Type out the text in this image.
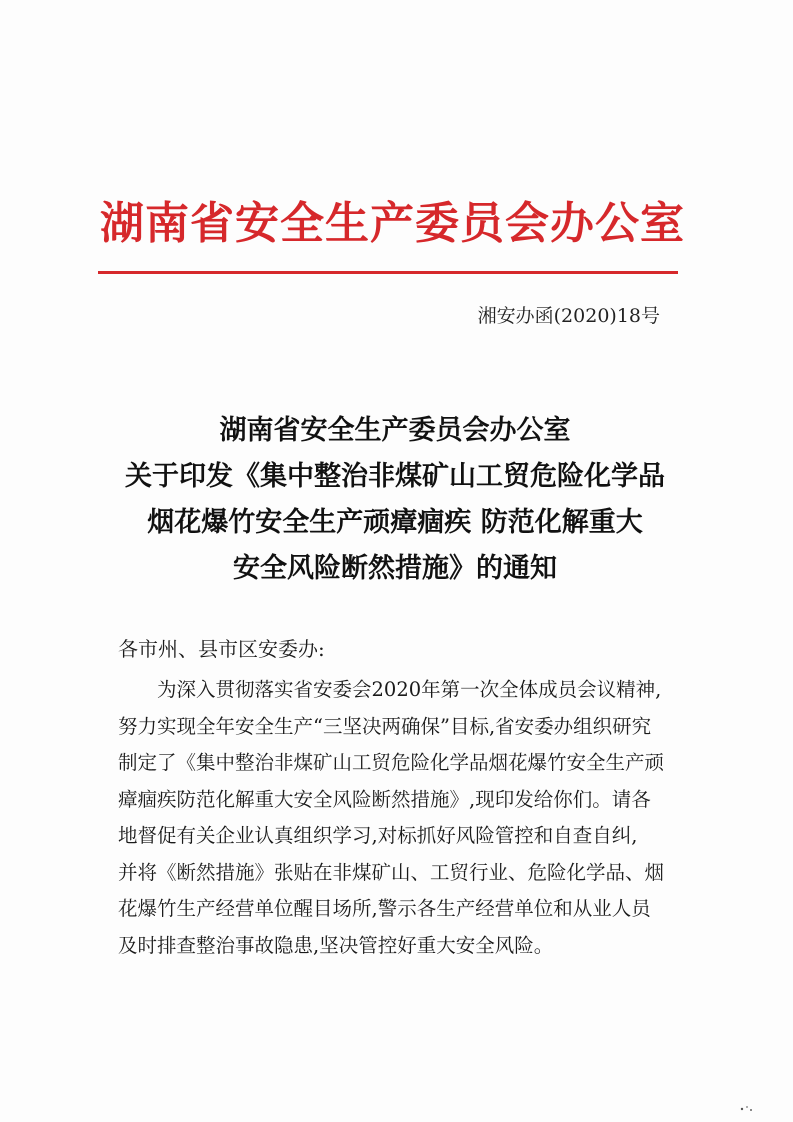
湖南省安全生产委员会办公室
湘安办函(2020)18号
湖南省安全生产委员会办公室
关于印发《集中整治非煤矿山工贸危险化学品
烟花爆竹安全生产顽瘴痼疾 防范化解重大
安全风险断然措施》的通知
各市州、县市区安委办:
为深入贯彻落实省安委会2020年第一次全体成员会议精神,
努力实现全年安全生产“三坚决两确保”目标,省安委办组织研究
制定了《集中整治非煤矿山工贸危险化学品烟花爆竹安全生产顽
瘴痼疾防范化解重大安全风险断然措施》,现印发给你们。请各
地督促有关企业认真组织学习,对标抓好风险管控和自查自纠,
并将《断然措施》张贴在非煤矿山、工贸行业、危险化学品、烟
花爆竹生产经营单位醒目场所,警示各生产经营单位和从业人员
及时排查整治事故隐患,坚决管控好重大安全风险。
